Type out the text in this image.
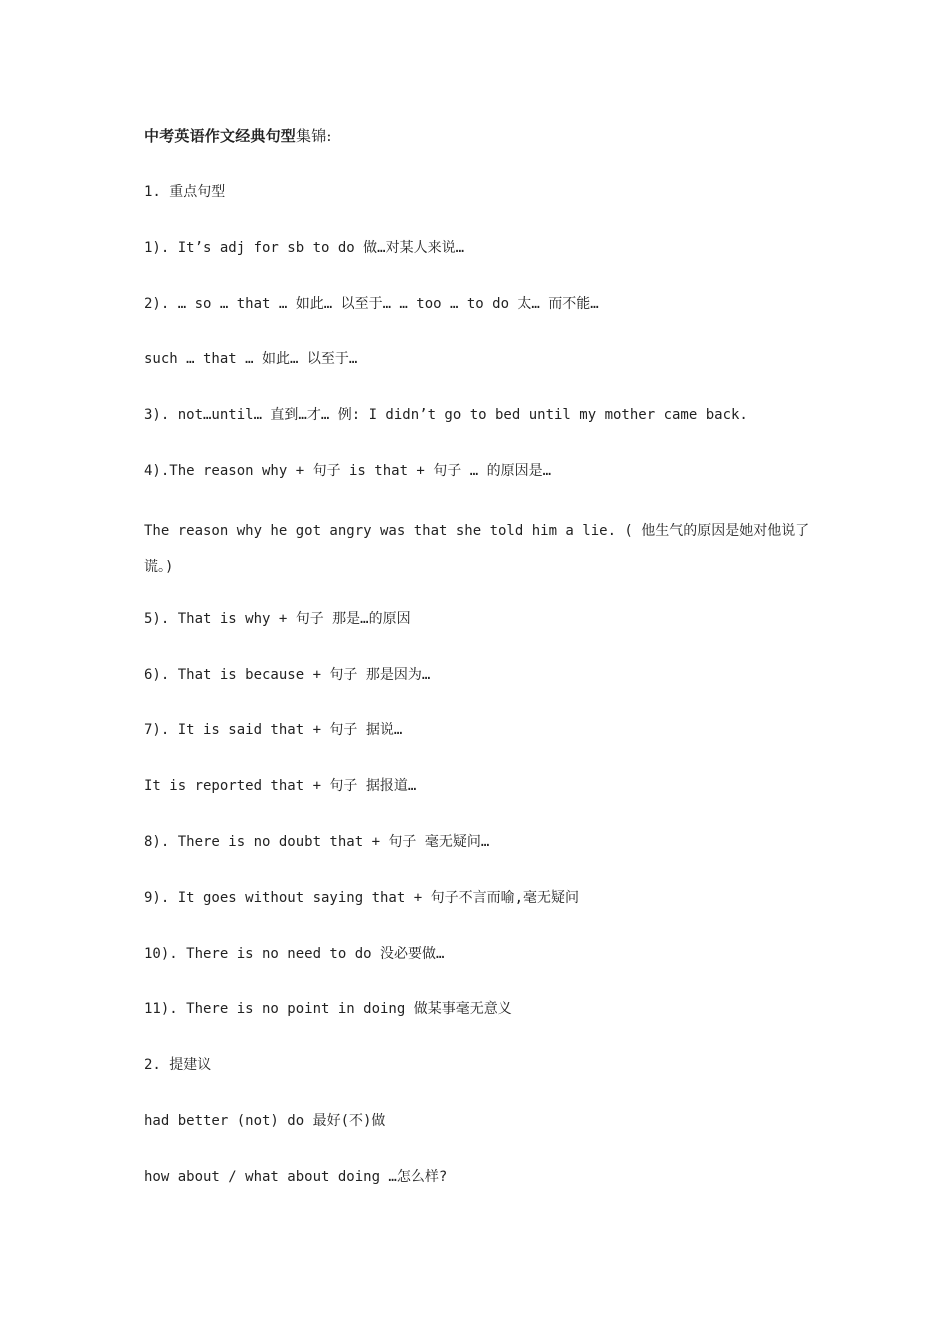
中考英语作文经典句型集锦:
1. 重点句型
1). It’s adj for sb to do 做…对某人来说…
2). … so … that … 如此… 以至于… … too … to do 太… 而不能…
such … that … 如此… 以至于…
3). not…until… 直到…才… 例: I didn’t go to bed until my mother came back.
4).The reason why + 句子 is that + 句子 … 的原因是…
The reason why he got angry was that she told him a lie. ( 他生气的原因是她对他说了谎。)
5). That is why + 句子 那是…的原因
6). That is because + 句子 那是因为…
7). It is said that + 句子 据说…
It is reported that + 句子 据报道…
8). There is no doubt that + 句子 毫无疑问…
9). It goes without saying that + 句子不言而喻,毫无疑问
10). There is no need to do 没必要做…
11). There is no point in doing 做某事毫无意义
2. 提建议
had better (not) do 最好(不)做
how about / what about doing …怎么样?
